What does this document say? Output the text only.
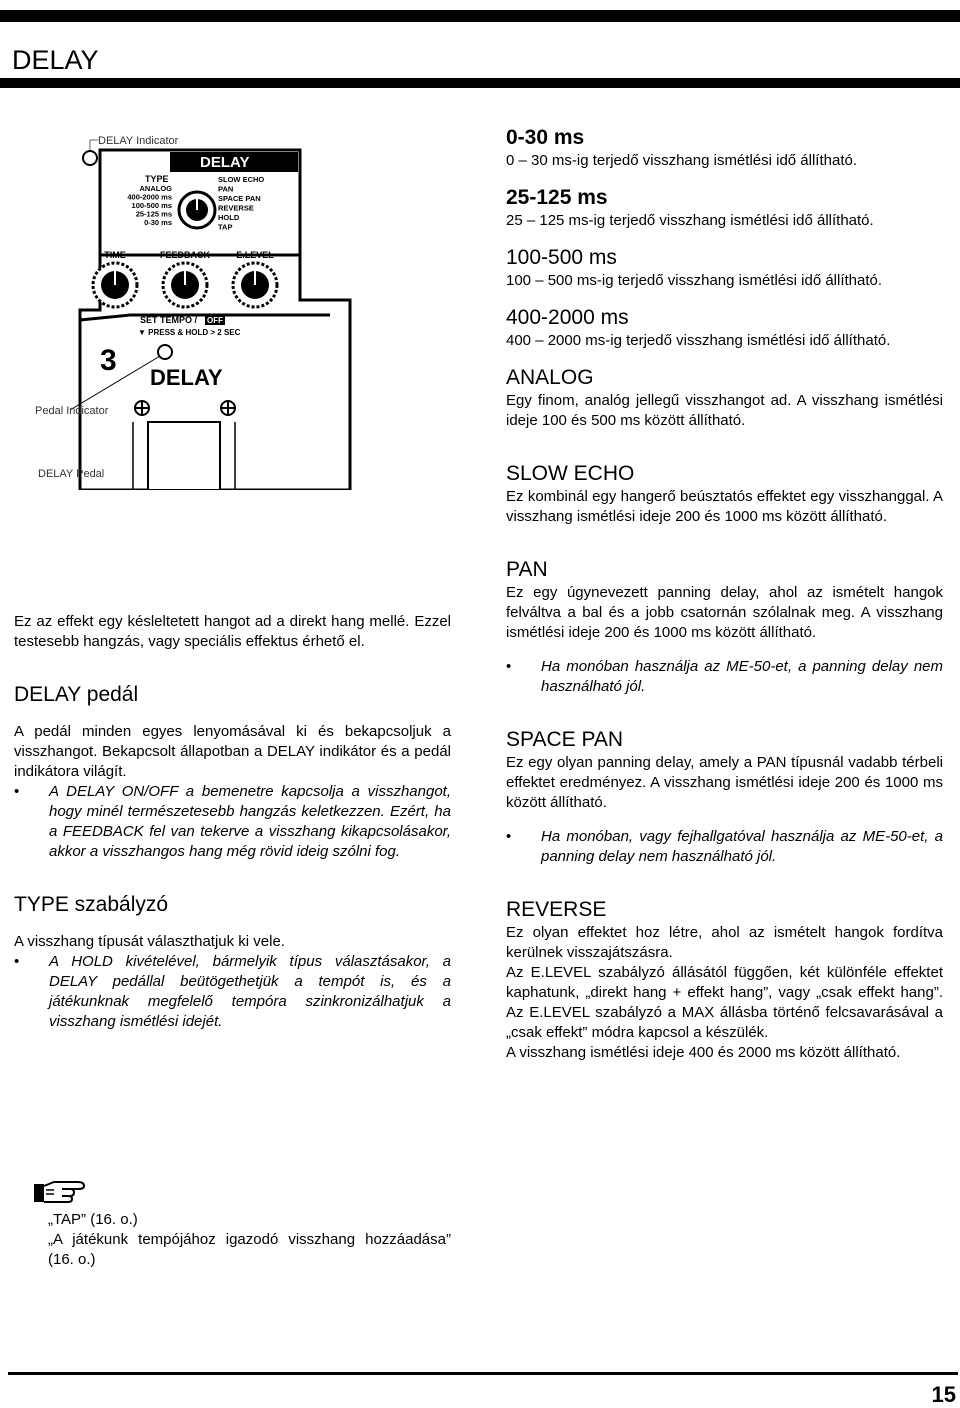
DELAY
DELAY Indicator
DELAY
TYPE
ANALOG
400-2000 ms
100-500 ms
25-125 ms
0-30 ms
SLOW ECHO
PAN
SPACE PAN
REVERSE
HOLD
TAP
TIME	FEEDBACK	E.LEVEL
SET TEMPO / OFF
▼ PRESS & HOLD > 2 SEC
3
DELAY
Pedal Indicator
DELAY Pedal

Ez az effekt egy késleltetett hangot ad a direkt hang mellé. Ezzel testesebb hangzás, vagy speciális effektus érhető el.

DELAY pedál

A pedál minden egyes lenyomásával ki és bekapcsoljuk a visszhangot. Bekapcsolt állapotban a DELAY indikátor és a pedál indikátora világít.

• A DELAY ON/OFF a bemenetre kapcsolja a visszhangot, hogy minél természetesebb hangzás keletkezzen. Ezért, ha a FEEDBACK fel van tekerve a visszhang kikapcsolásakor, akkor a visszhangos hang még rövid ideig szólni fog.
TYPE szabályzó

A visszhang típusát választhatjuk ki vele.

• A HOLD kivételével, bármelyik típus választásakor, a DELAY pedállal beütögethetjük a tempót is, és a játékunknak megfelelő tempóra szinkronizálhatjuk a visszhang ismétlési idejét.

„TAP” (16. o.)

„A játékunk tempójához igazodó visszhang hozzáadása” (16. o.)

0-30 ms

0 – 30 ms-ig terjedő visszhang ismétlési idő állítható.

25-125 ms

25 – 125 ms-ig terjedő visszhang ismétlési idő állítható.

100-500 ms

100 – 500 ms-ig terjedő visszhang ismétlési idő állítható.

400-2000 ms

400 – 2000 ms-ig terjedő visszhang ismétlési idő állítható.

ANALOG

Egy finom, analóg jellegű visszhangot ad. A visszhang ismétlési ideje 100 és 500 ms között állítható.

SLOW ECHO

Ez kombinál egy hangerő beúsztatós effektet egy visszhanggal. A visszhang ismétlési ideje 200 és 1000 ms között állítható.

PAN

Ez egy úgynevezett panning delay, ahol az ismételt hangok felváltva a bal és a jobb csatornán szólalnak meg. A visszhang ismétlési ideje 200 és 1000 ms között állítható.

• Ha monóban használja az ME-50-et, a panning delay nem használható jól.
SPACE PAN

Ez egy olyan panning delay, amely a PAN típusnál vadabb térbeli effektet eredményez. A visszhang ismétlési ideje 200 és 1000 ms között állítható.

• Ha monóban, vagy fejhallgatóval használja az ME-50-et, a panning delay nem használható jól.
REVERSE

Ez olyan effektet hoz létre, ahol az ismételt hangok fordítva kerülnek visszajátszásra.

Az E.LEVEL szabályzó állásától függően, két különféle effektet kaphatunk, „direkt hang + effekt hang”, vagy „csak effekt hang”. Az E.LEVEL szabályzó a MAX állásba történő felcsavarásával a „csak effekt” módra kapcsol a készülék.

A visszhang ismétlési ideje 400 és 2000 ms között állítható.

15
